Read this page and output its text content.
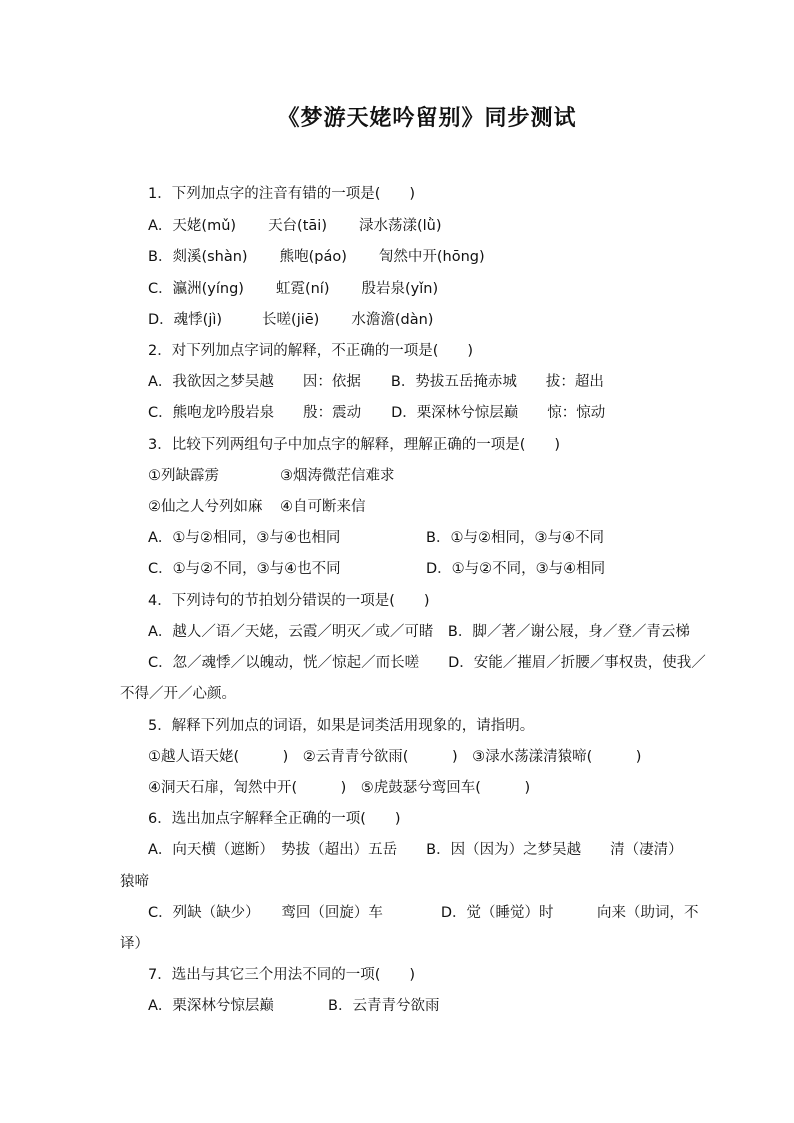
《梦游天姥吟留别》同步测试
1．下列加点字的注音有错的一项是(　　)
A．天姥(mǔ) 天台(tāi) 渌水荡漾(lǜ)
B．剡溪(shàn) 熊咆(páo) 訇然中开(hōng)
C．瀛洲(yíng) 虹霓(ní) 殷岩泉(yǐn)
D．魂悸(jì)	长嗟(jiē) 水澹澹(dàn)
2．对下列加点字词的解释，不正确的一项是(　　)
A．我欲因之梦吴越　　因：依据 B．势拔五岳掩赤城　　拔：超出
C．熊咆龙吟殷岩泉　　殷：震动 D．栗深林兮惊层巅　　惊：惊动
3．比较下列两组句子中加点字的解释，理解正确的一项是(　　)
①列缺霹雳	③烟涛微茫信难求
②仙之人兮列如麻 ④自可断来信
A．①与②相同，③与④也相同	B．①与②相同，③与④不同
C．①与②不同，③与④也不同	D．①与②不同，③与④相同
4．下列诗句的节拍划分错误的一项是(　　)
A．越人／语／天姥，云霞／明灭／或／可睹　B．脚／著／谢公屐，身／登／青云梯
C．忽／魂悸／以魄动，恍／惊起／而长嗟　　D．安能／摧眉／折腰／事权贵，使我／
不得／开／心颜。
5．解释下列加点的词语，如果是词类活用现象的，请指明。
①越人语天姥(　　　)　②云青青兮欲雨(　　　)　③渌水荡漾清猿啼(　　　)
④洞天石扉，訇然中开(　　　)　⑤虎鼓瑟兮鸾回车(　　　)
6．选出加点字解释全正确的一项(　　)
A．向天横（遮断）　势拔（超出）五岳　　B．因（因为）之梦吴越　　清（凄清）
猿啼
C．列缺（缺少）　　鸾回（回旋）车　　　　D．觉（睡觉）时　　　向来（助词，不
译）
7．选出与其它三个用法不同的一项(　　)
A．栗深林兮惊层巅	B．云青青兮欲雨
